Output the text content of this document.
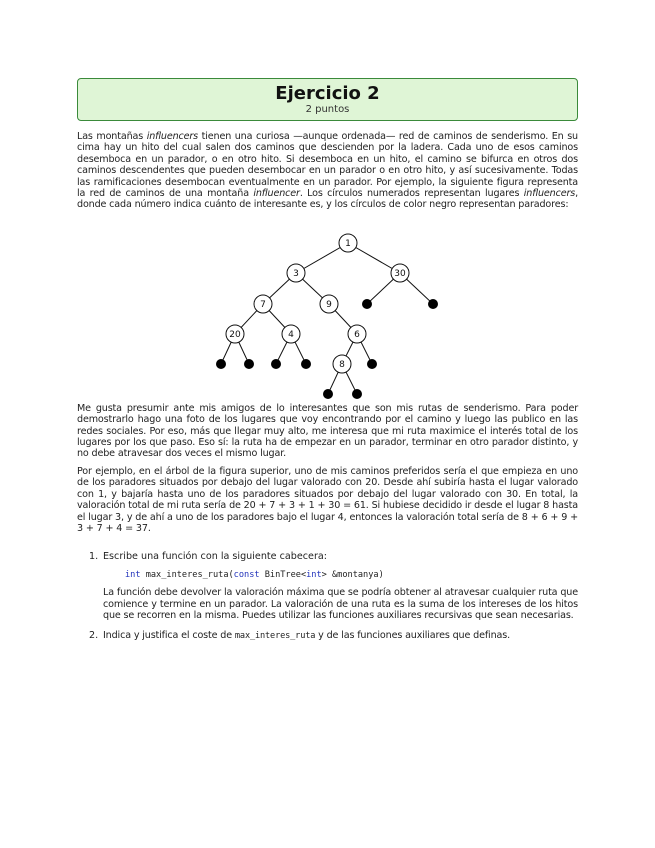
Ejercicio 2
2 puntos

Las montañas influencers tienen una curiosa —aunque ordenada— red de caminos de senderismo. En su cima hay un hito del cual salen dos caminos que descienden por la ladera. Cada uno de esos caminos desemboca en un parador, o en otro hito. Si desemboca en un hito, el camino se bifurca en otros dos caminos descendentes que pueden desembocar en un parador o en otro hito, y así sucesivamente. Todas las ramificaciones desembocan eventualmente en un parador. Por ejemplo, la siguiente figura representa la red de caminos de una montaña influencer. Los círculos numerados representan lugares influencers, donde cada número indica cuánto de interesante es, y los círculos de color negro representan paradores:

1
3	30
7	9
20	4	6
8

Me gusta presumir ante mis amigos de lo interesantes que son mis rutas de senderismo. Para poder demostrarlo hago una foto de los lugares que voy encontrando por el camino y luego las publico en las redes sociales. Por eso, más que llegar muy alto, me interesa que mi ruta maximice el interés total de los lugares por los que paso. Eso sí: la ruta ha de empezar en un parador, terminar en otro parador distinto, y no debe atravesar dos veces el mismo lugar.

Por ejemplo, en el árbol de la figura superior, uno de mis caminos preferidos sería el que empieza en uno de los paradores situados por debajo del lugar valorado con 20. Desde ahí subiría hasta el lugar valorado con 1, y bajaría hasta uno de los paradores situados por debajo del lugar valorado con 30. En total, la valoración total de mi ruta sería de 20 + 7 + 3 + 1 + 30 = 61. Si hubiese decidido ir desde el lugar 8 hasta el lugar 3, y de ahí a uno de los paradores bajo el lugar 4, entonces la valoración total sería de 8 + 6 + 9 + 3 + 7 + 4 = 37.

1. Escribe una función con la siguiente cabecera:
int max_interes_ruta(const BinTree<int> &montanya)

La función debe devolver la valoración máxima que se podría obtener al atravesar cualquier ruta que comience y termine en un parador. La valoración de una ruta es la suma de los intereses de los hitos que se recorren en la misma. Puedes utilizar las funciones auxiliares recursivas que sean necesarias.

2. Indica y justifica el coste de max_interes_ruta y de las funciones auxiliares que definas.
